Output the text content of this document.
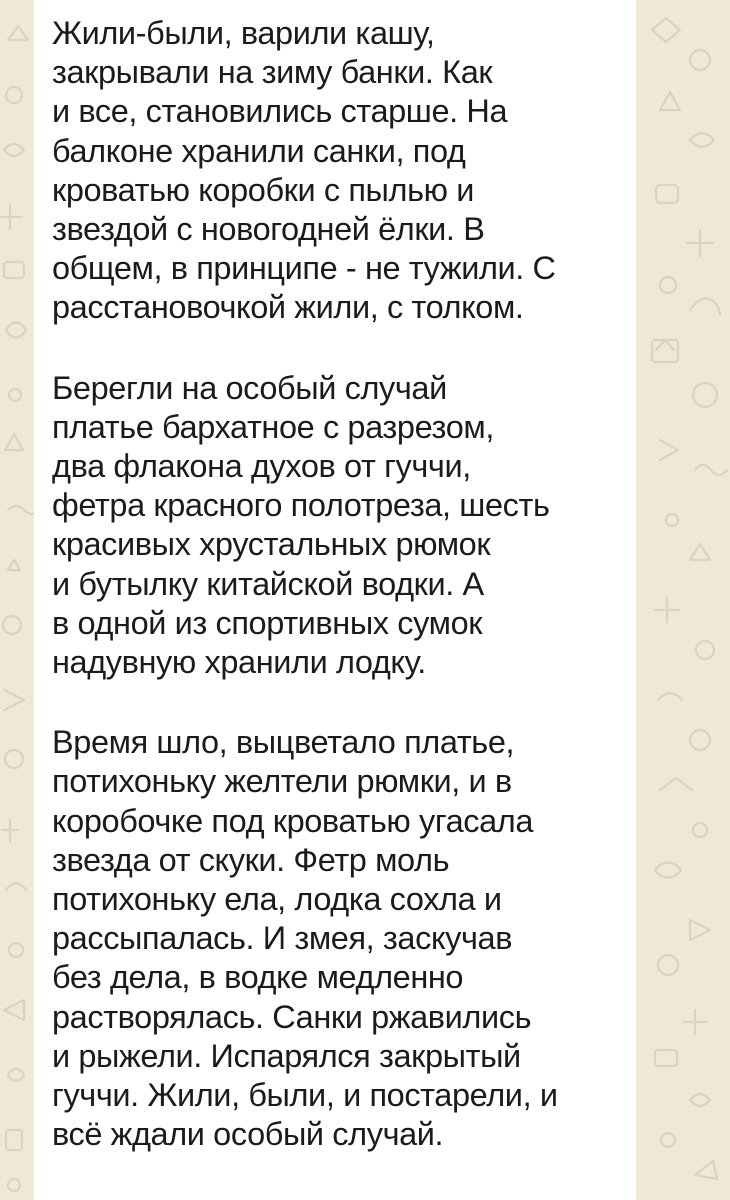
Жили-были, варили кашу,
закрывали на зиму банки. Как
и все, становились старше. На
балконе хранили санки, под
кроватью коробки с пылью и
звездой с новогодней ёлки. В
общем, в принципе - не тужили. С
расстановочкой жили, с толком.

Берегли на особый случай
платье бархатное с разрезом,
два флакона духов от гуччи,
фетра красного полотреза, шесть
красивых хрустальных рюмок
и бутылку китайской водки. А
в одной из спортивных сумок
надувную хранили лодку.

Время шло, выцветало платье,
потихоньку желтели рюмки, и в
коробочке под кроватью угасала
звезда от скуки. Фетр моль
потихоньку ела, лодка сохла и
рассыпалась. И змея, заскучав
без дела, в водке медленно
растворялась. Санки ржавились
и рыжели. Испарялся закрытый
гуччи. Жили, были, и постарели, и
всё ждали особый случай.
